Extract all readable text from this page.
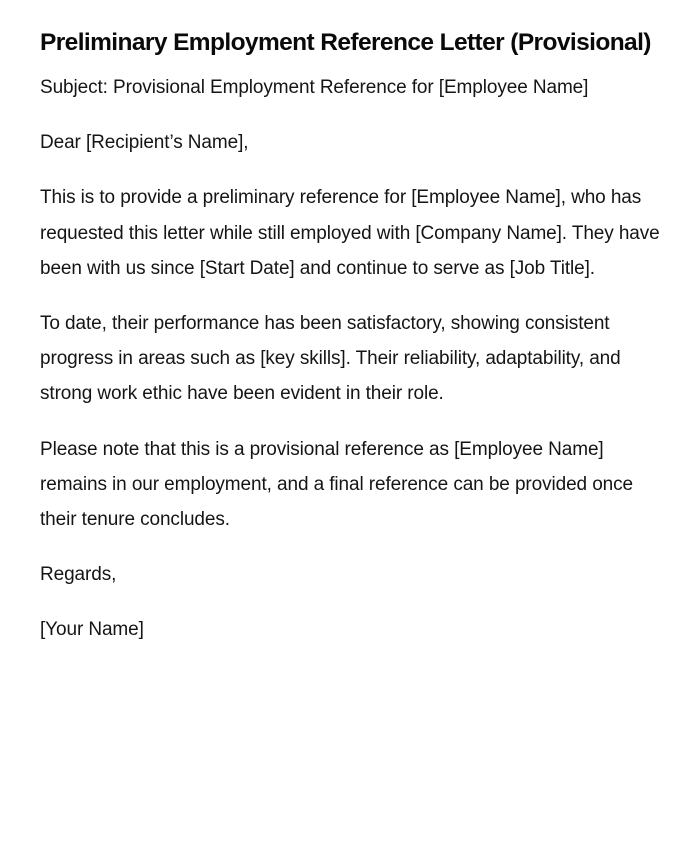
Preliminary Employment Reference Letter (Provisional)

Subject: Provisional Employment Reference for [Employee Name]

Dear [Recipient’s Name],

This is to provide a preliminary reference for [Employee Name], who has requested this letter while still employed with [Company Name]. They have been with us since [Start Date] and continue to serve as [Job Title].

To date, their performance has been satisfactory, showing consistent progress in areas such as [key skills]. Their reliability, adaptability, and strong work ethic have been evident in their role.

Please note that this is a provisional reference as [Employee Name] remains in our employment, and a final reference can be provided once their tenure concludes.

Regards,

[Your Name]
